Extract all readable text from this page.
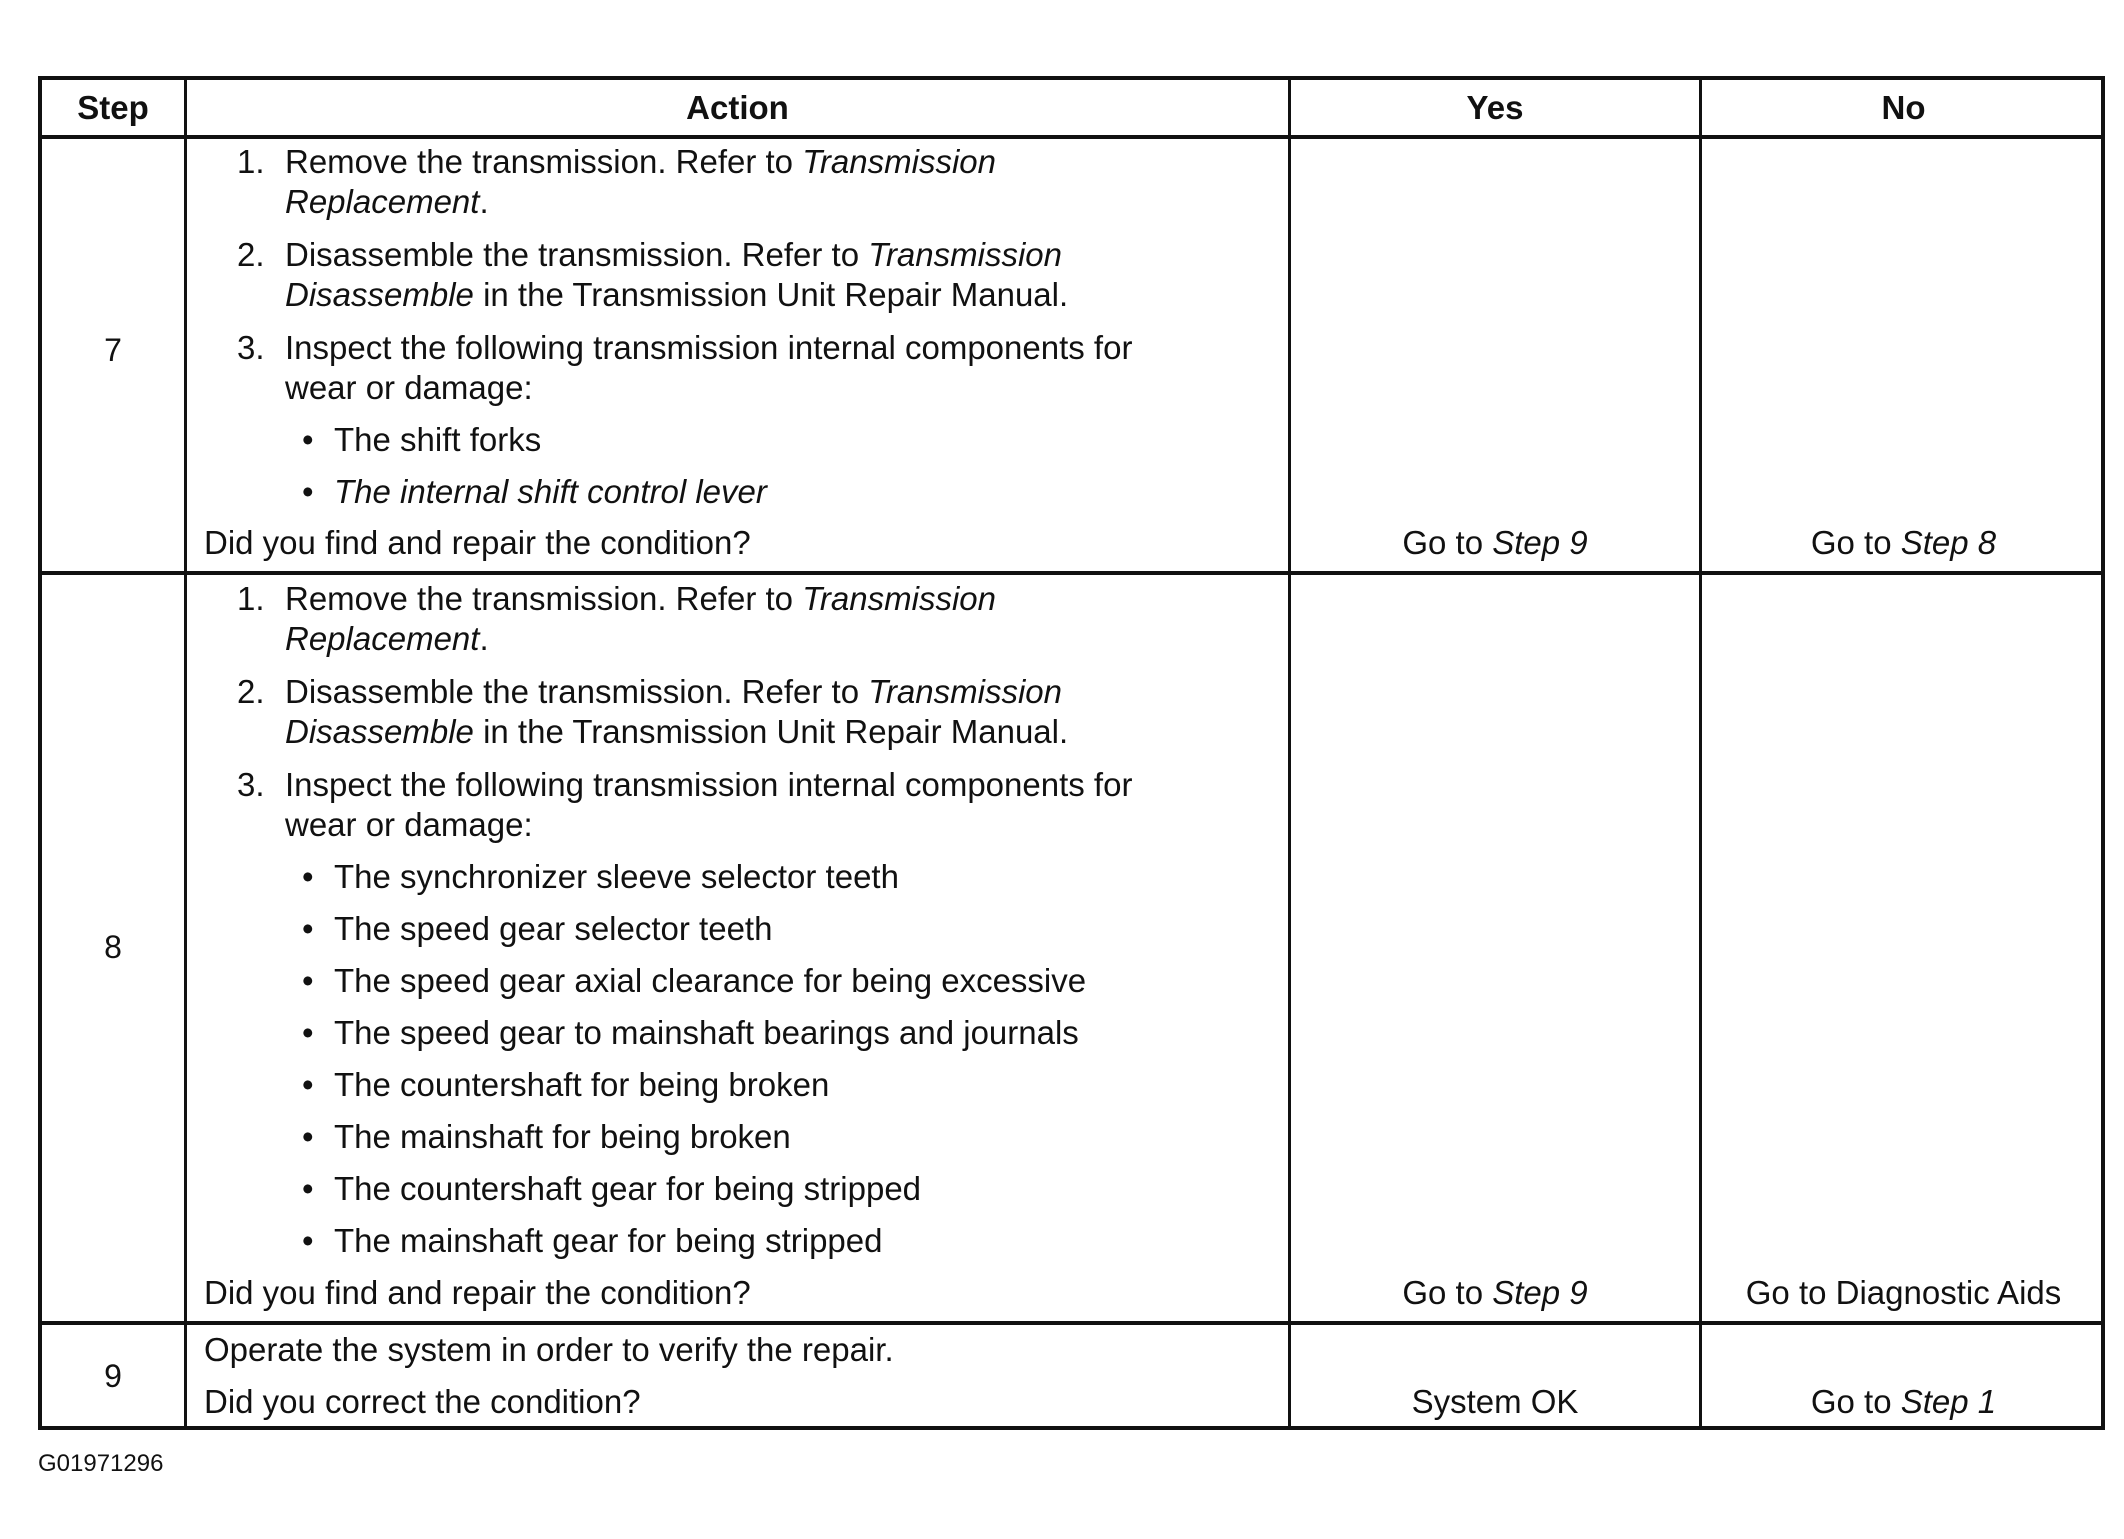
Step	Action	Yes	No
7
1. Remove the transmission. Refer to Transmission
Replacement.
2. Disassemble the transmission. Refer to Transmission
Disassemble in the Transmission Unit Repair Manual.
3. Inspect the following transmission internal components for
wear or damage:
• The shift forks
• The internal shift control lever
Did you find and repair the condition?	Go to Step 9	Go to Step 8
8
1. Remove the transmission. Refer to Transmission
Replacement.
2. Disassemble the transmission. Refer to Transmission
Disassemble in the Transmission Unit Repair Manual.
3. Inspect the following transmission internal components for
wear or damage:
• The synchronizer sleeve selector teeth
• The speed gear selector teeth
• The speed gear axial clearance for being excessive
• The speed gear to mainshaft bearings and journals
• The countershaft for being broken
• The mainshaft for being broken
• The countershaft gear for being stripped
• The mainshaft gear for being stripped
Did you find and repair the condition?	Go to Step 9	Go to Diagnostic Aids
9
Operate the system in order to verify the repair.
Did you correct the condition?	System OK	Go to Step 1
G01971296
